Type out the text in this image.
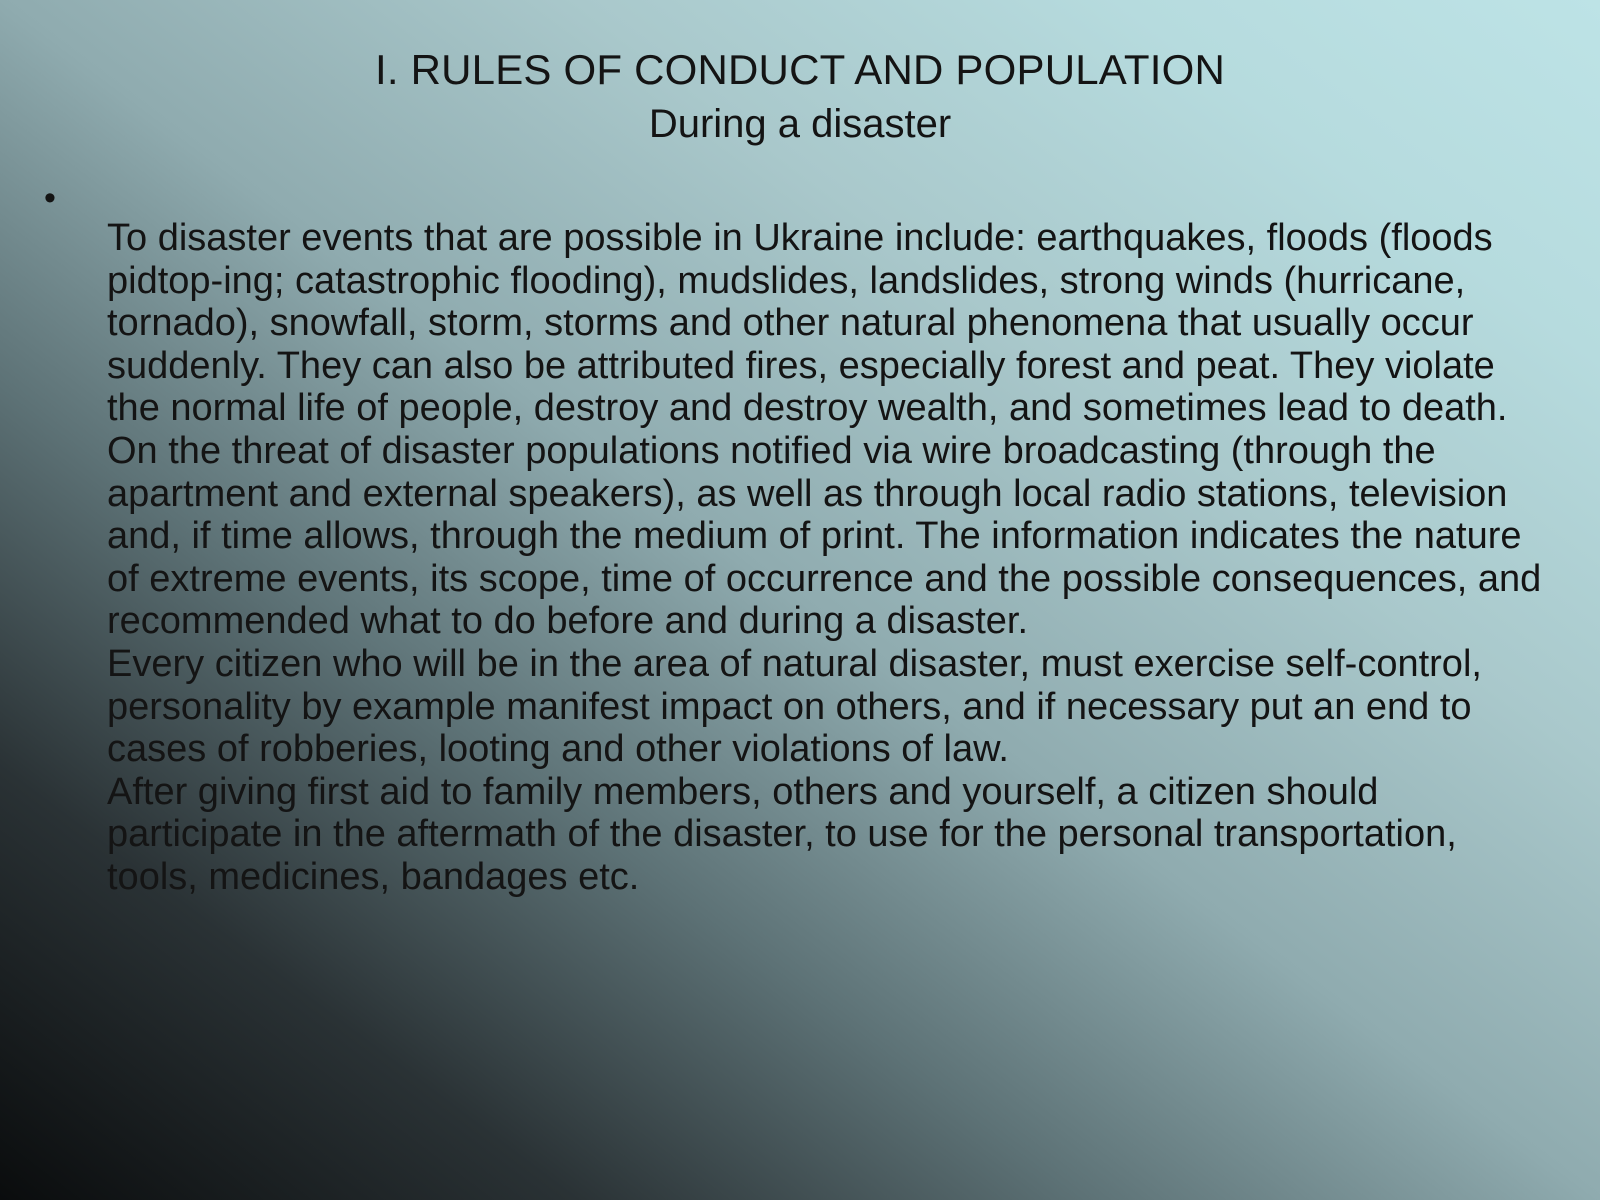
I. RULES OF CONDUCT AND POPULATION
During a disaster
•

To disaster events that are possible in Ukraine include: earthquakes, floods (floods pidtop-ing; catastrophic flooding), mudslides, landslides, strong winds (hurricane, tornado), snowfall, storm, storms and other natural phenomena that usually occur suddenly. They can also be attributed fires, especially forest and peat. They violate the normal life of people, destroy and destroy wealth, and sometimes lead to death.

On the threat of disaster populations notified via wire broadcasting (through the apartment and external speakers), as well as through local radio stations, television and, if time allows, through the medium of print. The information indicates the nature of extreme events, its scope, time of occurrence and the possible consequences, and recommended what to do before and during a disaster.

Every citizen who will be in the area of natural disaster, must exercise self-control, personality by example manifest impact on others, and if necessary put an end to cases of robberies, looting and other violations of law.

After giving first aid to family members, others and yourself, a citizen should participate in the aftermath of the disaster, to use for the personal transportation, tools, medicines, bandages etc.
